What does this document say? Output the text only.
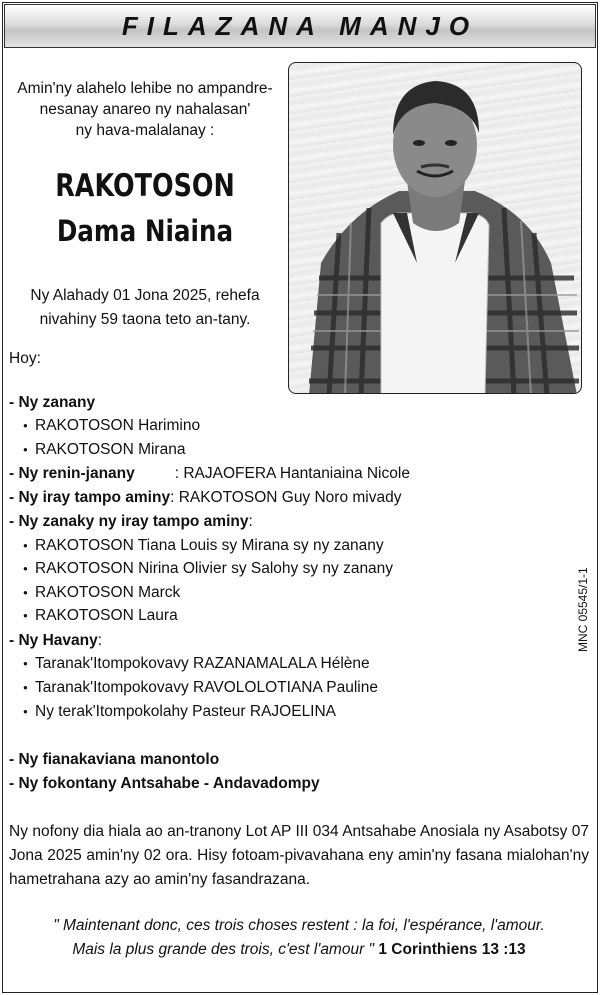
FILAZANA MANJO
Amin'ny alahelo lehibe no ampandre-
nesanay anareo ny nahalasan'
ny hava-malalanay :
RAKOTOSON
Dama Niaina
Ny Alahady 01 Jona 2025, rehefa
nivahiny 59 taona teto an-tany.
Hoy:
- Ny zanany
● RAKOTOSON Harimino
● RAKOTOSON Mirana
- Ny renin-janany	: RAJAOFERA Hantaniaina Nicole
- Ny iray tampo aminy: RAKOTOSON Guy Noro mivady
- Ny zanaky ny iray tampo aminy:
● RAKOTOSON Tiana Louis sy Mirana sy ny zanany
● RAKOTOSON Nirina Olivier sy Salohy sy ny zanany
● RAKOTOSON Marck
● RAKOTOSON Laura
- Ny Havany:
● Taranak'Itompokovavy RAZANAMALALA Hélène
● Taranak'Itompokovavy RAVOLOLOTIANA Pauline
● Ny terak'Itompokolahy Pasteur RAJOELINA
- Ny fianakaviana manontolo
- Ny fokontany Antsahabe - Andavadompy
MNC 05545/1-1
Ny nofony dia hiala ao an-tranony Lot AP III 034 Antsahabe Anosiala ny Asabotsy 07 Jona 2025 amin'ny 02 ora. Hisy fotoam-pivavahana eny amin'ny fasana mialohan'ny hametrahana azy ao amin'ny fasandrazana.
" Maintenant donc, ces trois choses restent : la foi, l'espérance, l'amour.
Mais la plus grande des trois, c'est l'amour " 1 Corinthiens 13 :13
